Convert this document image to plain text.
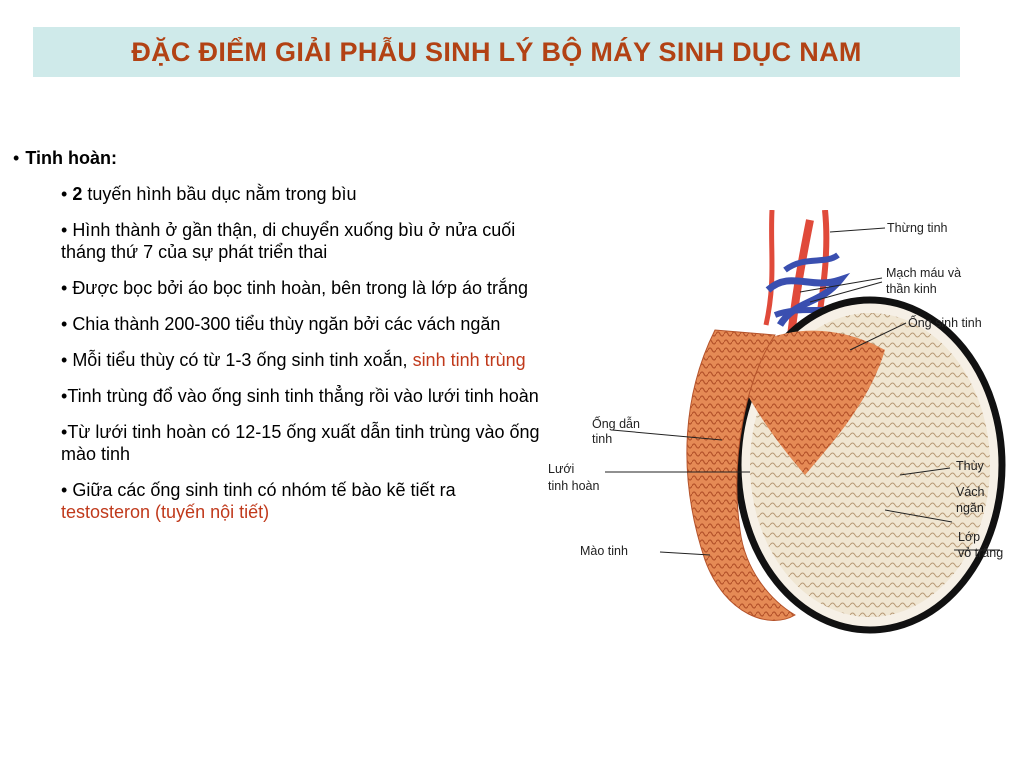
ĐẶC ĐIỂM GIẢI PHẪU SINH LÝ BỘ MÁY SINH DỤC NAM
• Tinh hoàn:
• 2 tuyến hình bầu dục nằm trong bìu
• Hình thành ở gần thận, di chuyển xuống bìu ở nửa cuối tháng thứ 7 của sự phát triển thai
• Được bọc bởi áo bọc tinh hoàn, bên trong là lớp áo trắng
• Chia thành 200-300 tiểu thùy ngăn bởi các vách ngăn
• Mỗi tiểu thùy có từ 1-3 ống sinh tinh xoắn, sinh tinh trùng
•Tinh trùng đổ vào ống sinh tinh thẳng rồi vào lưới tinh hoàn
•Từ lưới tinh hoàn có 12-15 ống xuất dẫn tinh trùng vào ống mào tinh
• Giữa các ống sinh tinh có nhóm tế bào kẽ tiết ra testosteron (tuyến nội tiết)
Thừng tinh
Mạch máu và
thần kinh
Ống sinh tinh
Ống dẫn
tinh
Lưới
tinh hoàn
Thùy
Vách
ngăn
Mào tinh
Lớp
vỏ trắng
